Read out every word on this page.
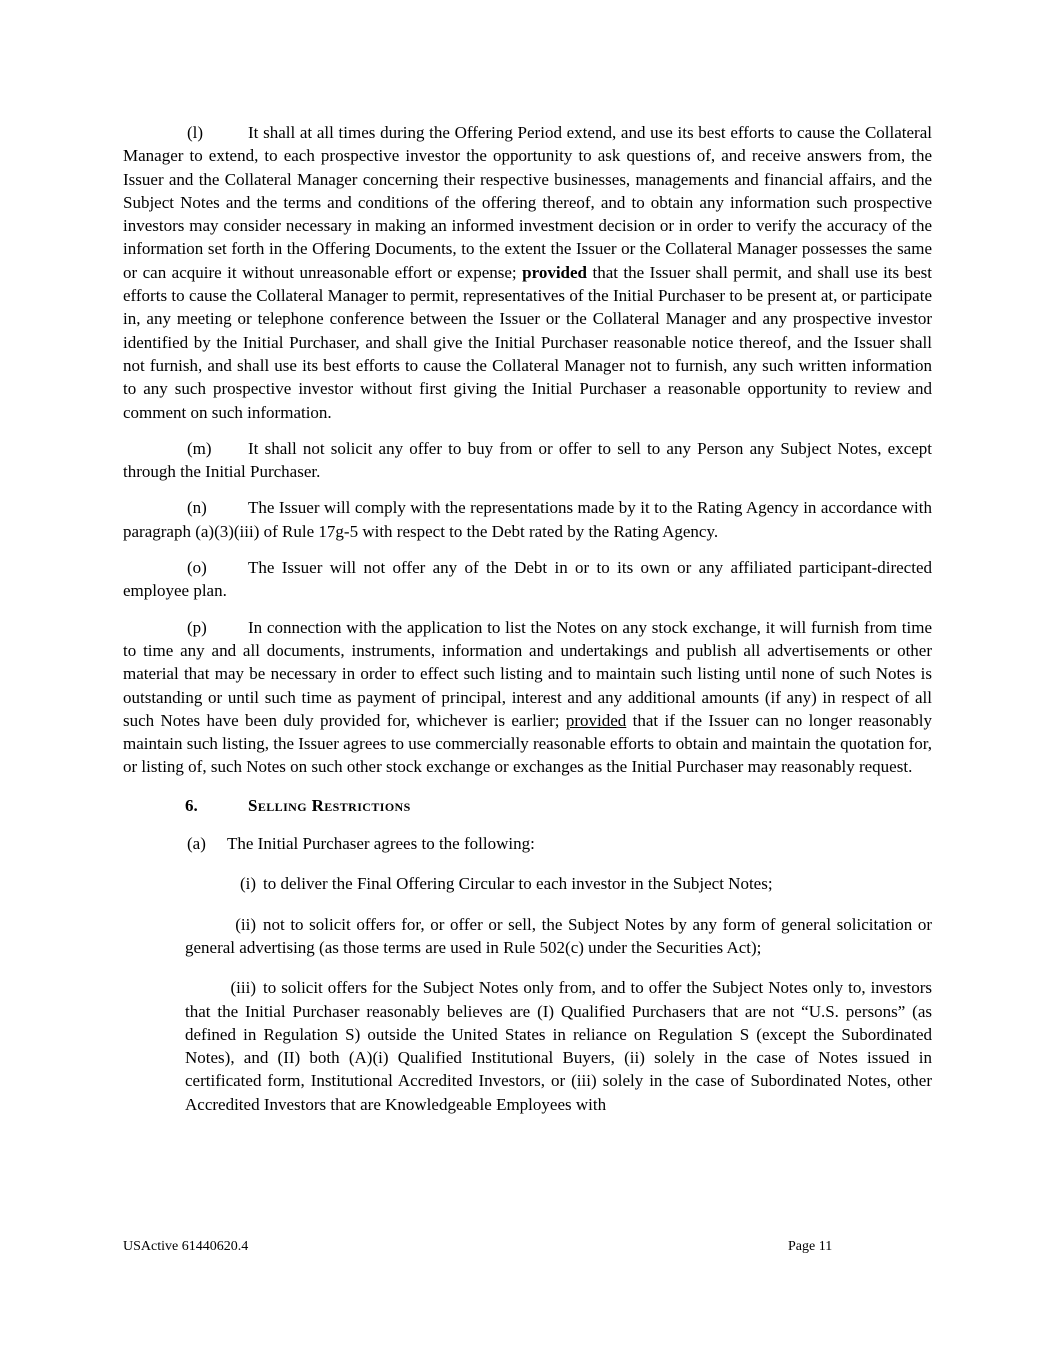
(l)	It shall at all times during the Offering Period extend, and use its best efforts to cause the Collateral Manager to extend, to each prospective investor the opportunity to ask questions of, and receive answers from, the Issuer and the Collateral Manager concerning their respective businesses, managements and financial affairs, and the Subject Notes and the terms and conditions of the offering thereof, and to obtain any information such prospective investors may consider necessary in making an informed investment decision or in order to verify the accuracy of the information set forth in the Offering Documents, to the extent the Issuer or the Collateral Manager possesses the same or can acquire it without unreasonable effort or expense; provided that the Issuer shall permit, and shall use its best efforts to cause the Collateral Manager to permit, representatives of the Initial Purchaser to be present at, or participate in, any meeting or telephone conference between the Issuer or the Collateral Manager and any prospective investor identified by the Initial Purchaser, and shall give the Initial Purchaser reasonable notice thereof, and the Issuer shall not furnish, and shall use its best efforts to cause the Collateral Manager not to furnish, any such written information to any such prospective investor without first giving the Initial Purchaser a reasonable opportunity to review and comment on such information.

(m) It shall not solicit any offer to buy from or offer to sell to any Person any Subject Notes, except through the Initial Purchaser.

(n) The Issuer will comply with the representations made by it to the Rating Agency in accordance with paragraph (a)(3)(iii) of Rule 17g-5 with respect to the Debt rated by the Rating Agency.

(o) The Issuer will not offer any of the Debt in or to its own or any affiliated participant-directed employee plan.

(p) In connection with the application to list the Notes on any stock exchange, it will furnish from time to time any and all documents, instruments, information and undertakings and publish all advertisements or other material that may be necessary in order to effect such listing and to maintain such listing until none of such Notes is outstanding or until such time as payment of principal, interest and any additional amounts (if any) in respect of all such Notes have been duly provided for, whichever is earlier; provided that if the Issuer can no longer reasonably maintain such listing, the Issuer agrees to use commercially reasonable efforts to obtain and maintain the quotation for, or listing of, such Notes on such other stock exchange or exchanges as the Initial Purchaser may reasonably request.

6.	Selling Restrictions

(a) The Initial Purchaser agrees to the following:

(i) to deliver the Final Offering Circular to each investor in the Subject Notes;

(ii) not to solicit offers for, or offer or sell, the Subject Notes by any form of general solicitation or general advertising (as those terms are used in Rule 502(c) under the Securities Act);

(iii) to solicit offers for the Subject Notes only from, and to offer the Subject Notes only to, investors that the Initial Purchaser reasonably believes are (I) Qualified Purchasers that are not “U.S. persons” (as defined in Regulation S) outside the United States in reliance on Regulation S (except the Subordinated Notes), and (II) both (A)(i) Qualified Institutional Buyers, (ii) solely in the case of Notes issued in certificated form, Institutional Accredited Investors, or (iii) solely in the case of Subordinated Notes, other Accredited Investors that are Knowledgeable Employees with

USActive 61440620.4	Page 11
